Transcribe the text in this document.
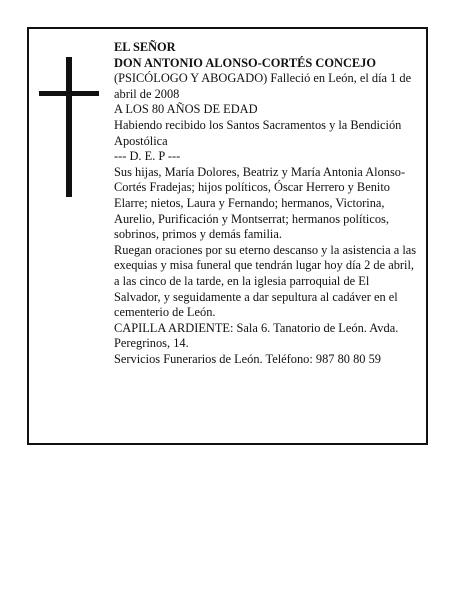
EL SEÑOR

DON ANTONIO ALONSO-CORTÉS CONCEJO

(PSICÓLOGO Y ABOGADO) Falleció en León, el día 1 de abril de 2008

A LOS 80 AÑOS DE EDAD

Habiendo recibido los Santos Sacramentos y la Bendición Apostólica

--- D. E. P ---

Sus hijas, María Dolores, Beatriz y María Antonia Alonso-Cortés Fradejas; hijos políticos, Óscar Herrero y Benito Elarre; nietos, Laura y Fernando; hermanos, Victorina, Aurelio, Purificación y Montserrat; hermanos políticos, sobrinos, primos y demás familia.

Ruegan oraciones por su eterno descanso y la asistencia a las exequias y misa funeral que tendrán lugar hoy día 2 de abril, a las cinco de la tarde, en la iglesia parroquial de El Salvador, y seguidamente a dar sepultura al cadáver en el cementerio de León.

CAPILLA ARDIENTE: Sala 6. Tanatorio de León. Avda. Peregrinos, 14.

Servicios Funerarios de León. Teléfono: 987 80 80 59
